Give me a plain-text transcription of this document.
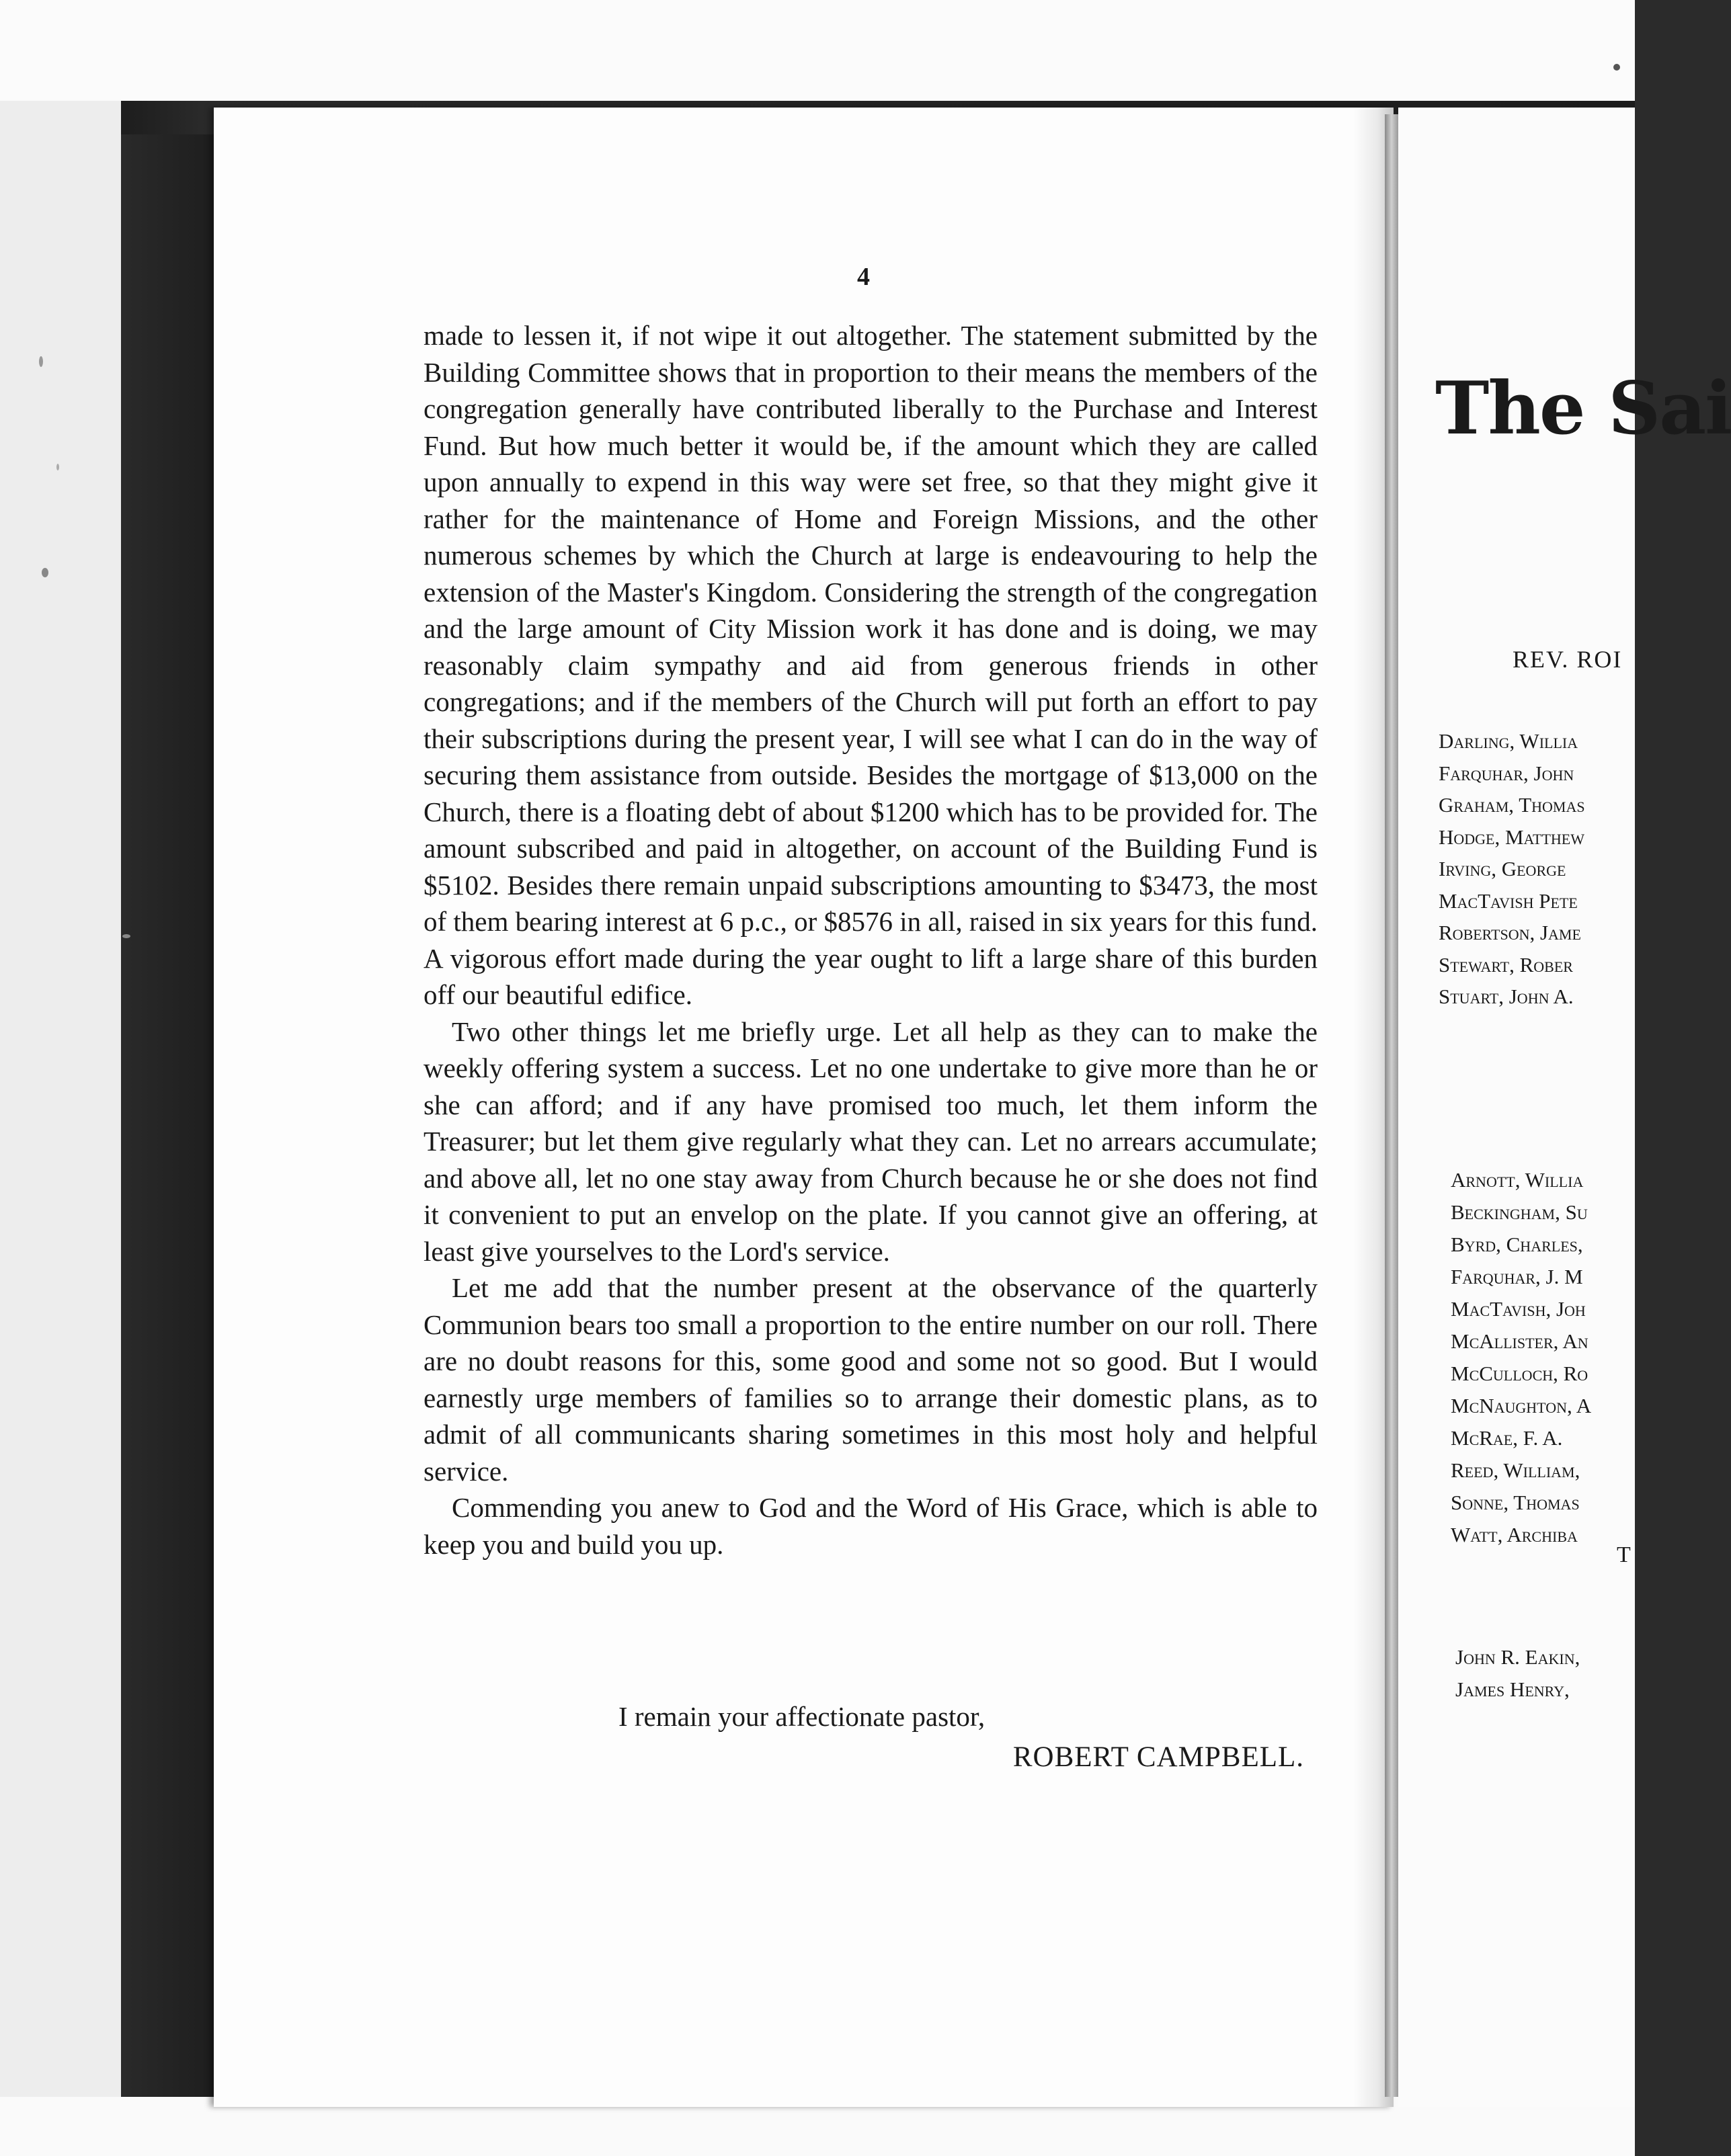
4

made to lessen it, if not wipe it out altogether. The statement submitted by the Building Committee shows that in proportion to their means the members of the congregation generally have contributed liberally to the Purchase and Interest Fund. But how much better it would be, if the amount which they are called upon annually to expend in this way were set free, so that they might give it rather for the maintenance of Home and Foreign Missions, and the other numerous schemes by which the Church at large is endeavouring to help the extension of the Master's Kingdom. Considering the strength of the congregation and the large amount of City Mission work it has done and is doing, we may reasonably claim sympathy and aid from generous friends in other congregations; and if the members of the Church will put forth an effort to pay their subscriptions during the present year, I will see what I can do in the way of securing them assistance from outside. Besides the mortgage of $13,000 on the Church, there is a floating debt of about $1200 which has to be provided for. The amount subscribed and paid in altogether, on account of the Building Fund is $5102. Besides there remain unpaid subscriptions amounting to $3473, the most of them bearing interest at 6 p.c., or $8576 in all, raised in six years for this fund. A vigorous effort made during the year ought to lift a large share of this burden off our beautiful edifice.

Two other things let me briefly urge. Let all help as they can to make the weekly offering system a success. Let no one undertake to give more than he or she can afford; and if any have promised too much, let them inform the Treasurer; but let them give regularly what they can. Let no arrears accumulate; and above all, let no one stay away from Church because he or she does not find it convenient to put an envelop on the plate. If you cannot give an offering, at least give yourselves to the Lord's service.

Let me add that the number present at the observance of the quarterly Communion bears too small a proportion to the entire number on our roll. There are no doubt reasons for this, some good and some not so good. But I would earnestly urge members of families so to arrange their domestic plans, as to admit of all communicants sharing sometimes in this most holy and helpful service.

Commending you anew to God and the Word of His Grace, which is able to keep you and build you up.

I remain your affectionate pastor,
ROBERT CAMPBELL.
The Sai
REV. ROI
Darling, Willia
Farquhar, John
Graham, Thomas
Hodge, Matthew
Irving, George
MacTavish Pete
Robertson, Jame
Stewart, Rober
Stuart, John A.
Arnott, Willia
Beckingham, Su
Byrd, Charles,
Farquhar, J. M
MacTavish, Joh
McAllister, An
McCulloch, Ro
McNaughton, A
McRae, F. A.
Reed, William,
Sonne, Thomas
Watt, Archiba
T
John R. Eakin,
James Henry,
